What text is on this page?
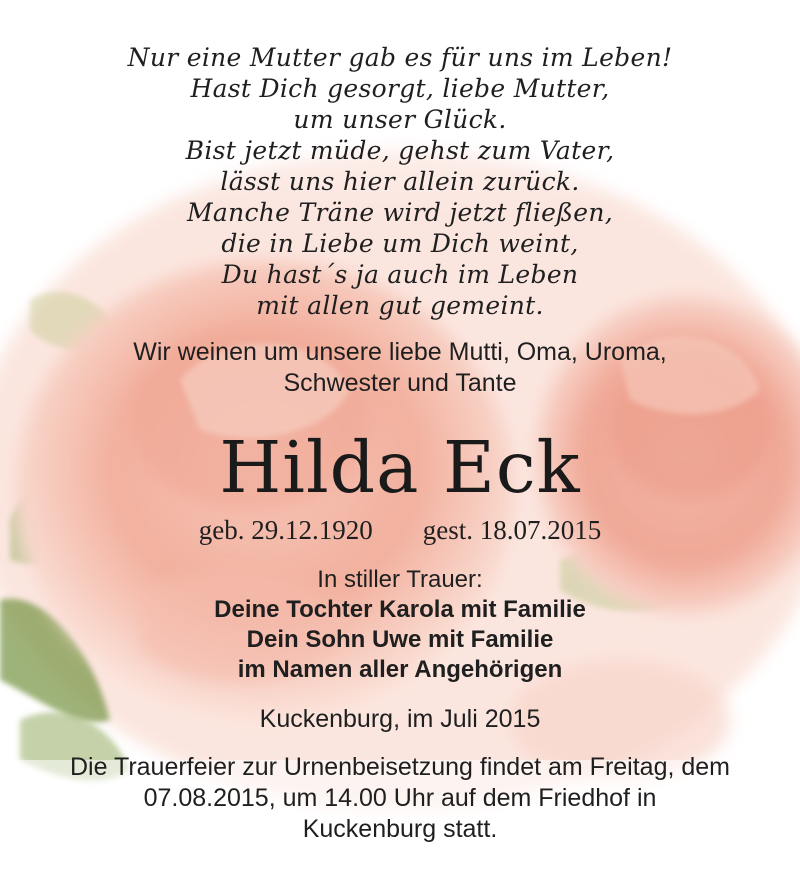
Nur eine Mutter gab es für uns im Leben!
Hast Dich gesorgt, liebe Mutter,
um unser Glück.
Bist jetzt müde, gehst zum Vater,
lässt uns hier allein zurück.
Manche Träne wird jetzt fließen,
die in Liebe um Dich weint,
Du hast´s ja auch im Leben
mit allen gut gemeint.
Wir weinen um unsere liebe Mutti, Oma, Uroma,
Schwester und Tante
Hilda Eck
geb. 29.12.1920 gest. 18.07.2015
In stiller Trauer:
Deine Tochter Karola mit Familie
Dein Sohn Uwe mit Familie
im Namen aller Angehörigen
Kuckenburg, im Juli 2015
Die Trauerfeier zur Urnenbeisetzung findet am Freitag, dem
07.08.2015, um 14.00 Uhr auf dem Friedhof in
Kuckenburg statt.
